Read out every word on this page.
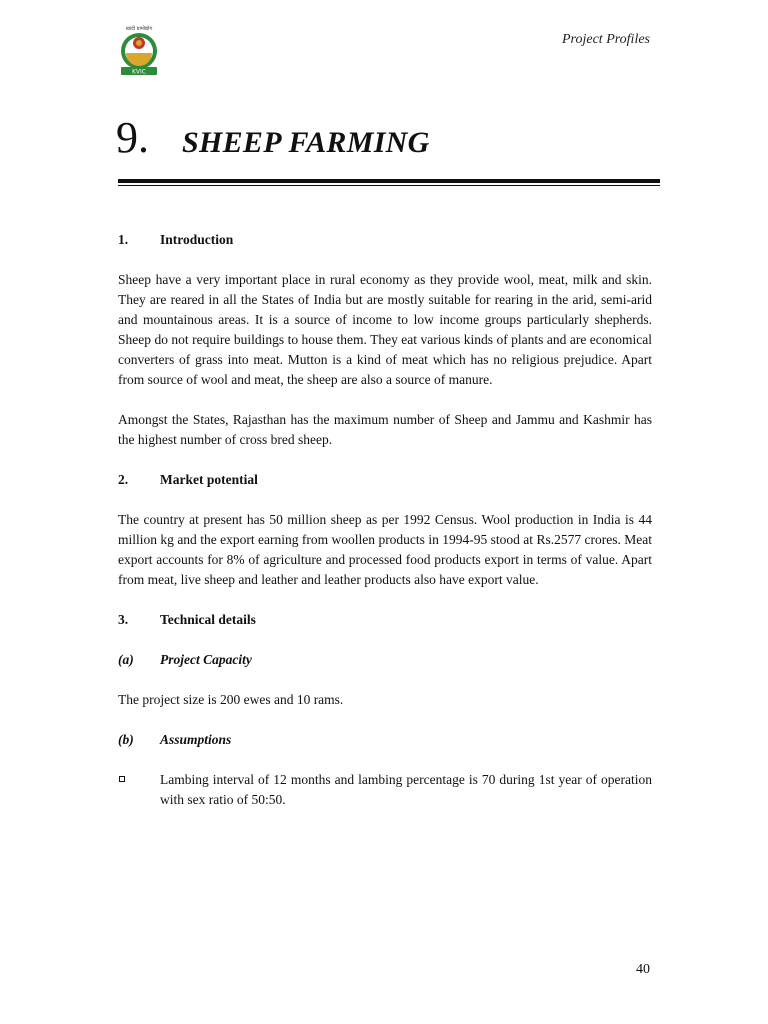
खादी ग्रामोद्योग
KVIC
Project Profiles
9.	SHEEP FARMING
1.	Introduction

Sheep have a very important place in rural economy as they provide wool, meat, milk and skin. They are reared in all the States of India but are mostly suitable for rearing in the arid, semi-arid and mountainous areas. It is a source of income to low income groups particularly shepherds. Sheep do not require buildings to house them. They eat various kinds of plants and are economical converters of grass into meat. Mutton is a kind of meat which has no religious prejudice. Apart from source of wool and meat, the sheep are also a source of manure.

Amongst the States, Rajasthan has the maximum number of Sheep and Jammu and Kashmir has the highest number of cross bred sheep.

2.	Market potential

The country at present has 50 million sheep as per 1992 Census. Wool production in India is 44 million kg and the export earning from woollen products in 1994-95 stood at Rs.2577 crores. Meat export accounts for 8% of agriculture and processed food products export in terms of value. Apart from meat, live sheep and leather and leather products also have export value.

3.	Technical details
(a)	Project Capacity

The project size is 200 ewes and 10 rams.

(b)	Assumptions
Lambing interval of 12 months and lambing percentage is 70 during 1st year of operation with sex ratio of 50:50.
40
